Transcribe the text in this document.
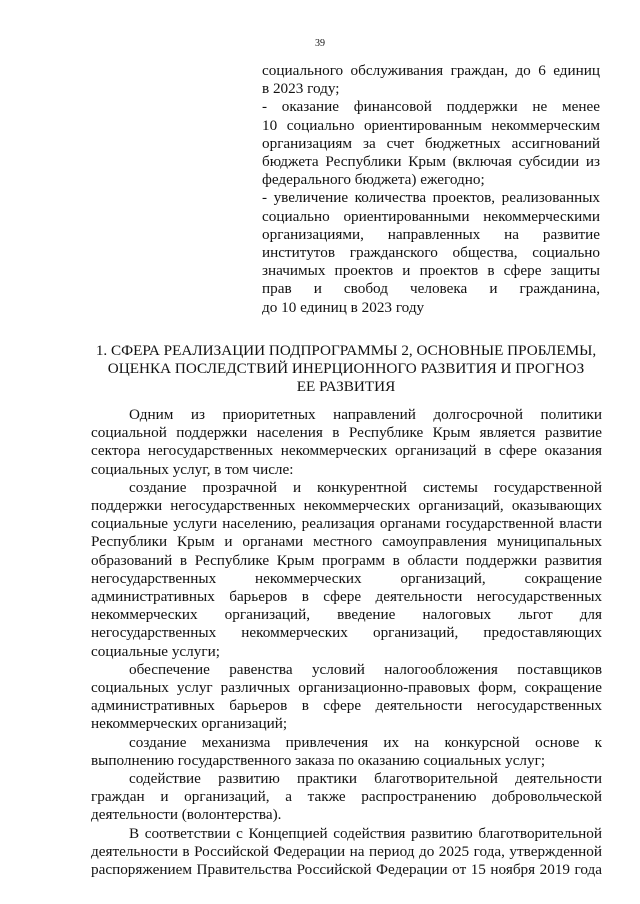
39
социального обслуживания граждан, до 6 единиц
в 2023 году;
- оказание финансовой поддержки не менее
10 социально ориентированным некоммерческим
организациям за счет бюджетных ассигнований
бюджета Республики Крым (включая субсидии из
федерального бюджета) ежегодно;
- увеличение количества проектов, реализованных
социально ориентированными некоммерческими
организациями, направленных на развитие
институтов гражданского общества, социально
значимых проектов и проектов в сфере защиты
прав и свобод человека и гражданина,
до 10 единиц в 2023 году
1. СФЕРА РЕАЛИЗАЦИИ ПОДПРОГРАММЫ 2, ОСНОВНЫЕ ПРОБЛЕМЫ,
ОЦЕНКА ПОСЛЕДСТВИЙ ИНЕРЦИОННОГО РАЗВИТИЯ И ПРОГНОЗ
ЕЕ РАЗВИТИЯ
Одним из приоритетных направлений долгосрочной политики
социальной поддержки населения в Республике Крым является развитие
сектора негосударственных некоммерческих организаций в сфере оказания
социальных услуг, в том числе:
создание прозрачной и конкурентной системы государственной
поддержки негосударственных некоммерческих организаций, оказывающих
социальные услуги населению, реализация органами государственной власти
Республики Крым и органами местного самоуправления муниципальных
образований в Республике Крым программ в области поддержки развития
негосударственных некоммерческих организаций, сокращение
административных барьеров в сфере деятельности негосударственных
некоммерческих организаций, введение налоговых льгот для
негосударственных некоммерческих организаций, предоставляющих
социальные услуги;
обеспечение равенства условий налогообложения поставщиков
социальных услуг различных организационно-правовых форм, сокращение
административных барьеров в сфере деятельности негосударственных
некоммерческих организаций;
создание механизма привлечения их на конкурсной основе к
выполнению государственного заказа по оказанию социальных услуг;
содействие развитию практики благотворительной деятельности
граждан и организаций, а также распространению добровольческой
деятельности (волонтерства).
В соответствии с Концепцией содействия развитию благотворительной
деятельности в Российской Федерации на период до 2025 года, утвержденной
распоряжением Правительства Российской Федерации от 15 ноября 2019 года
